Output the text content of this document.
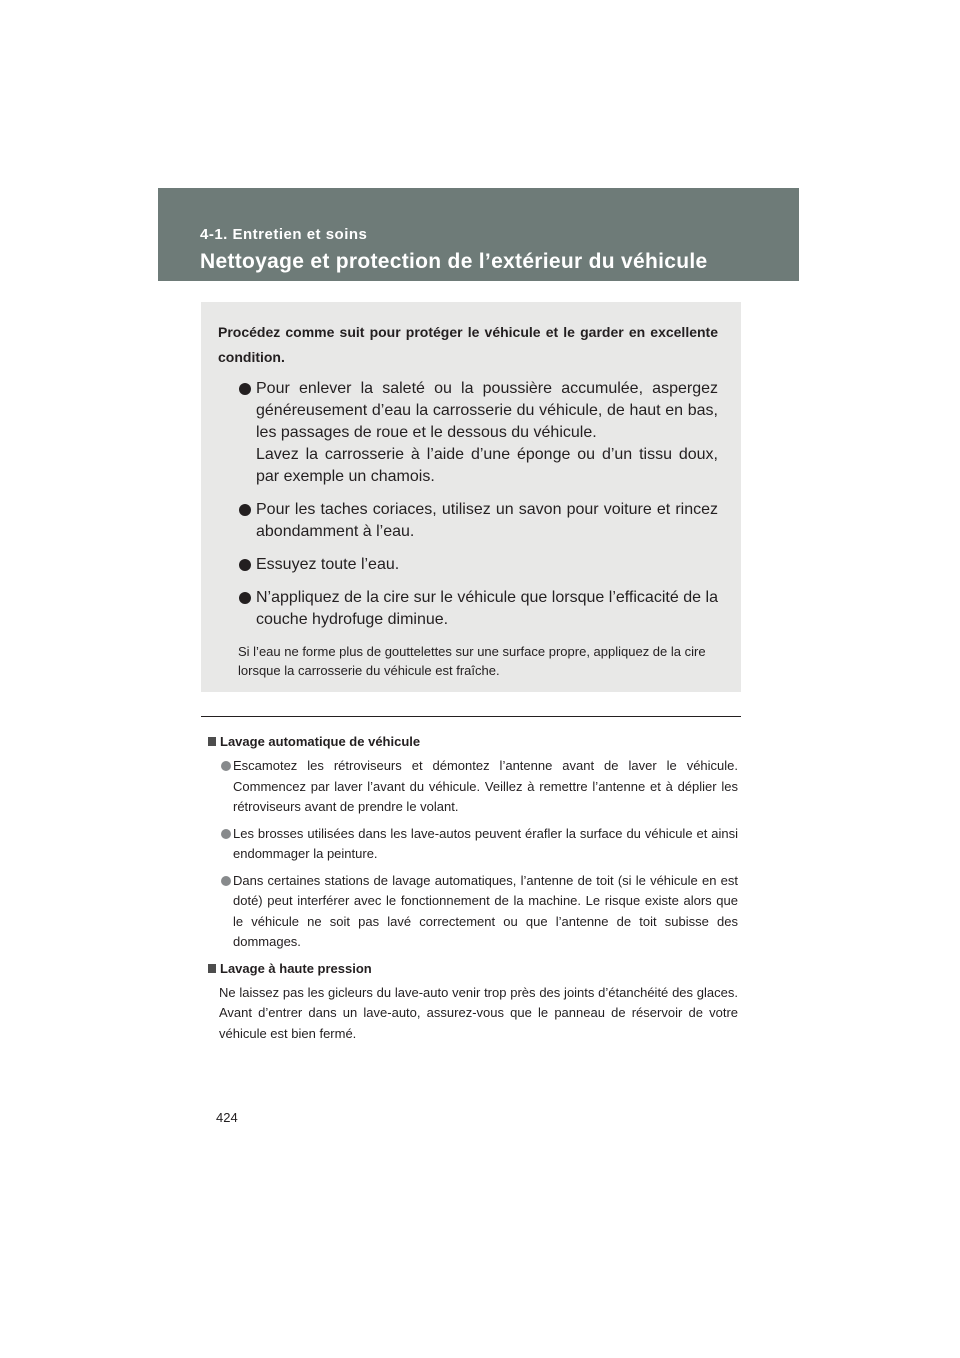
4-1. Entretien et soins
Nettoyage et protection de l’extérieur du véhicule
Procédez comme suit pour protéger le véhicule et le garder en excellente condition.

Pour enlever la saleté ou la poussière accumulée, aspergez généreusement d’eau la carrosserie du véhicule, de haut en bas, les passages de roue et le dessous du véhicule.

Lavez la carrosserie à l’aide d’une éponge ou d’un tissu doux, par exemple un chamois.

Pour les taches coriaces, utilisez un savon pour voiture et rincez abondamment à l’eau.

Essuyez toute l’eau.

N’appliquez de la cire sur le véhicule que lorsque l’efficacité de la couche hydrofuge diminue.

Si l’eau ne forme plus de gouttelettes sur une surface propre, appliquez de la cire lorsque la carrosserie du véhicule est fraîche.
Lavage automatique de véhicule
Escamotez les rétroviseurs et démontez l’antenne avant de laver le véhicule. Commencez par laver l’avant du véhicule. Veillez à remettre l’antenne et à déplier les rétroviseurs avant de prendre le volant.
Les brosses utilisées dans les lave-autos peuvent érafler la surface du véhicule et ainsi endommager la peinture.
Dans certaines stations de lavage automatiques, l’antenne de toit (si le véhicule en est doté) peut interférer avec le fonctionnement de la machine. Le risque existe alors que le véhicule ne soit pas lavé correctement ou que l’antenne de toit subisse des dommages.
Lavage à haute pression

Ne laissez pas les gicleurs du lave-auto venir trop près des joints d’étanchéité des glaces. Avant d’entrer dans un lave-auto, assurez-vous que le panneau de réservoir de votre véhicule est bien fermé.

424
